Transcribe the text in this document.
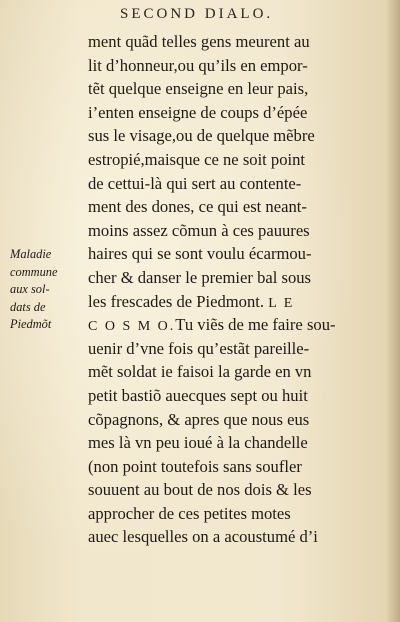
SECOND DIALO.
Maladie
commune
aux sol-
dats de
Piedmõt
ment quãd telles gens meurent au
lit d’honneur,ou qu’ils en empor-
tẽt quelque enseigne en leur pais,
i’enten enseigne de coups d’épée
sus le visage,ou de quelque mẽbre
estropié,maisque ce ne soit point
de cettui-là qui sert au contente-
ment des dones, ce qui est neant-
moins assez cõmun à ces pauures
haires qui se sont voulu écarmou-
cher & danser le premier bal sous
les frescades de Piedmont. L E
C O S M O.Tu viẽs de me faire sou-
uenir d’vne fois qu’estãt pareille-
mẽt soldat ie faisoi la garde en vn
petit bastiõ auecques sept ou huit
cõpagnons, & apres que nous eus
mes là vn peu ioué à la chandelle
(non point toutefois sans soufler
souuent au bout de nos dois & les
approcher de ces petites motes
auec lesquelles on a acoustumé d’i
